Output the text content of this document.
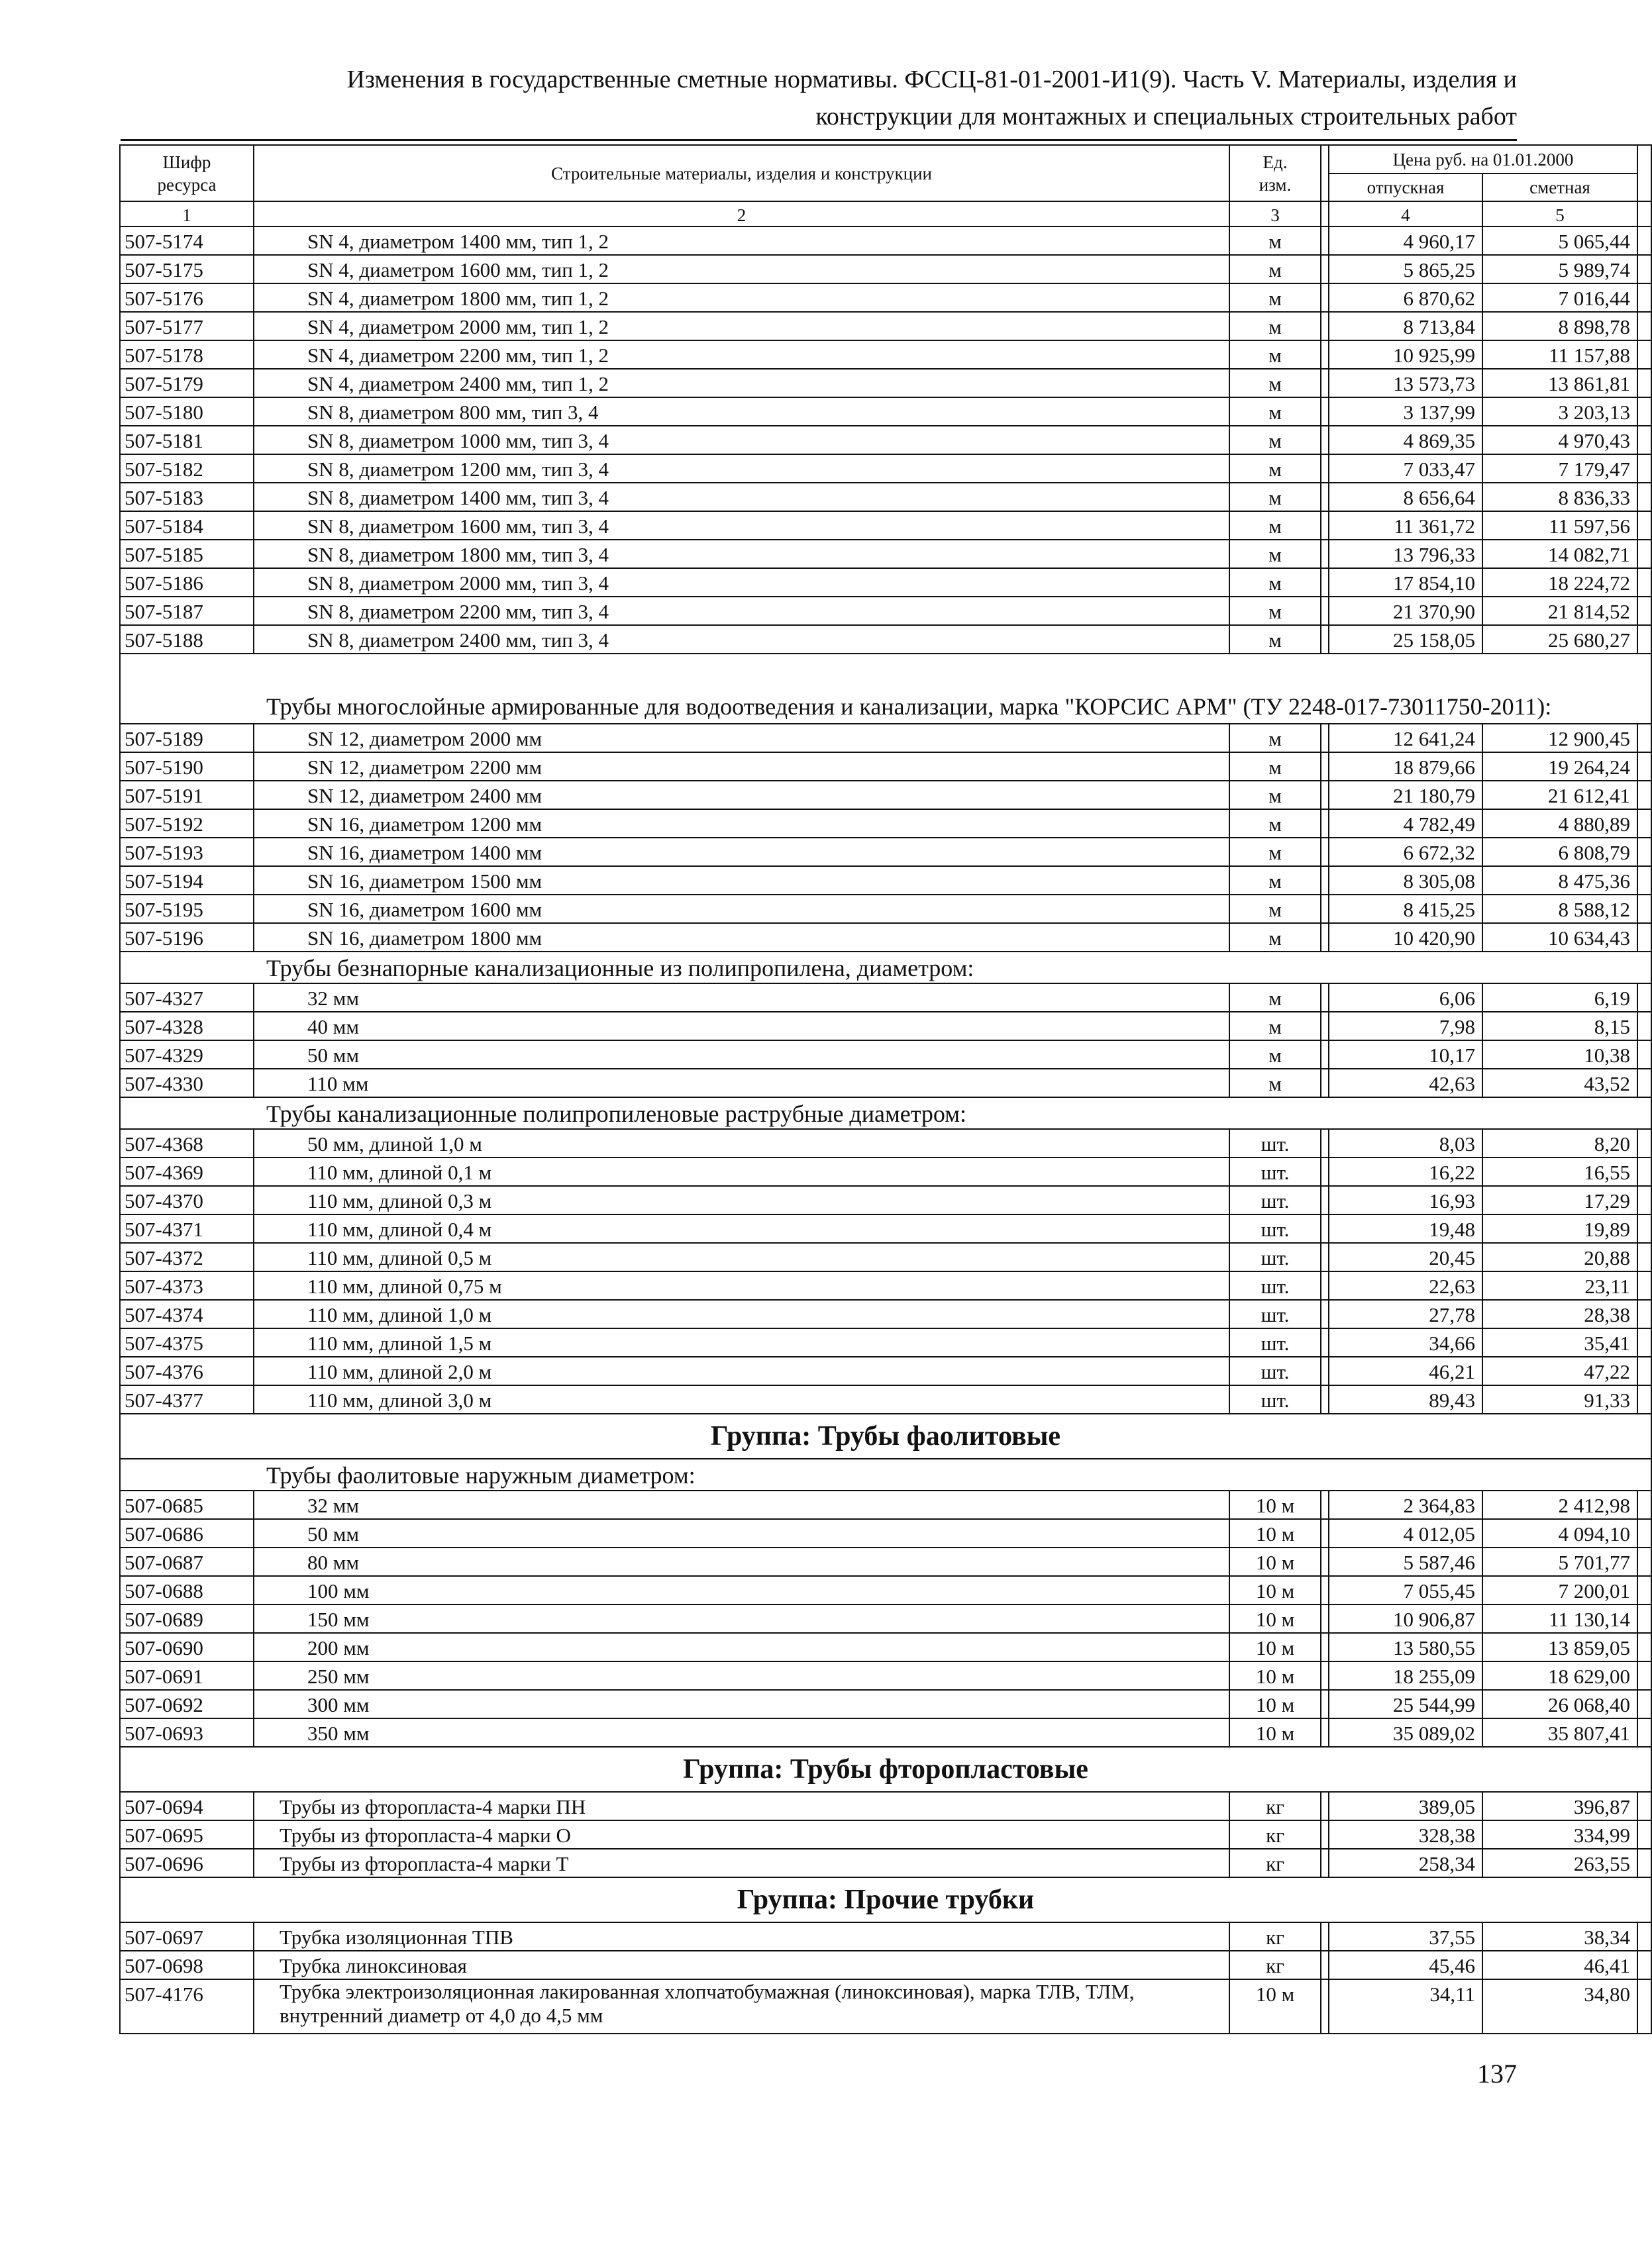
Изменения в государственные сметные нормативы. ФССЦ-81-01-2001-И1(9). Часть V. Материалы, изделия и
конструкции для монтажных и специальных строительных работ
Шифр
ресурса	Строительные материалы, изделия и конструкции	Ед.
изм.		Цена руб. на 01.01.2000		
				отпускная	сметная	
1	2	3		4	5	
507-5174	SN 4, диаметром 1400 мм, тип 1, 2	м		4 960,17	5 065,44	
507-5175	SN 4, диаметром 1600 мм, тип 1, 2	м		5 865,25	5 989,74	
507-5176	SN 4, диаметром 1800 мм, тип 1, 2	м		6 870,62	7 016,44	
507-5177	SN 4, диаметром 2000 мм, тип 1, 2	м		8 713,84	8 898,78	
507-5178	SN 4, диаметром 2200 мм, тип 1, 2	м		10 925,99	11 157,88	
507-5179	SN 4, диаметром 2400 мм, тип 1, 2	м		13 573,73	13 861,81	
507-5180	SN 8, диаметром 800 мм, тип 3, 4	м		3 137,99	3 203,13	
507-5181	SN 8, диаметром 1000 мм, тип 3, 4	м		4 869,35	4 970,43	
507-5182	SN 8, диаметром 1200 мм, тип 3, 4	м		7 033,47	7 179,47	
507-5183	SN 8, диаметром 1400 мм, тип 3, 4	м		8 656,64	8 836,33	
507-5184	SN 8, диаметром 1600 мм, тип 3, 4	м		11 361,72	11 597,56	
507-5185	SN 8, диаметром 1800 мм, тип 3, 4	м		13 796,33	14 082,71	
507-5186	SN 8, диаметром 2000 мм, тип 3, 4	м		17 854,10	18 224,72	
507-5187	SN 8, диаметром 2200 мм, тип 3, 4	м		21 370,90	21 814,52	
507-5188	SN 8, диаметром 2400 мм, тип 3, 4	м		25 158,05	25 680,27	
Трубы многослойные армированные для водоотведения и канализации, марка "КОРСИС АРМ" (ТУ 2248-017-73011750-2011):						
507-5189	SN 12, диаметром 2000 мм	м		12 641,24	12 900,45	
507-5190	SN 12, диаметром 2200 мм	м		18 879,66	19 264,24	
507-5191	SN 12, диаметром 2400 мм	м		21 180,79	21 612,41	
507-5192	SN 16, диаметром 1200 мм	м		4 782,49	4 880,89	
507-5193	SN 16, диаметром 1400 мм	м		6 672,32	6 808,79	
507-5194	SN 16, диаметром 1500 мм	м		8 305,08	8 475,36	
507-5195	SN 16, диаметром 1600 мм	м		8 415,25	8 588,12	
507-5196	SN 16, диаметром 1800 мм	м		10 420,90	10 634,43	
Трубы безнапорные канализационные из полипропилена, диаметром:						
507-4327	32 мм	м		6,06	6,19	
507-4328	40 мм	м		7,98	8,15	
507-4329	50 мм	м		10,17	10,38	
507-4330	110 мм	м		42,63	43,52	
Трубы канализационные полипропиленовые раструбные диаметром:						
507-4368	50 мм, длиной 1,0 м	шт.		8,03	8,20	
507-4369	110 мм, длиной 0,1 м	шт.		16,22	16,55	
507-4370	110 мм, длиной 0,3 м	шт.		16,93	17,29	
507-4371	110 мм, длиной 0,4 м	шт.		19,48	19,89	
507-4372	110 мм, длиной 0,5 м	шт.		20,45	20,88	
507-4373	110 мм, длиной 0,75 м	шт.		22,63	23,11	
507-4374	110 мм, длиной 1,0 м	шт.		27,78	28,38	
507-4375	110 мм, длиной 1,5 м	шт.		34,66	35,41	
507-4376	110 мм, длиной 2,0 м	шт.		46,21	47,22	
507-4377	110 мм, длиной 3,0 м	шт.		89,43	91,33	
Группа: Трубы фаолитовые						
Трубы фаолитовые наружным диаметром:						
507-0685	32 мм	10 м		2 364,83	2 412,98	
507-0686	50 мм	10 м		4 012,05	4 094,10	
507-0687	80 мм	10 м		5 587,46	5 701,77	
507-0688	100 мм	10 м		7 055,45	7 200,01	
507-0689	150 мм	10 м		10 906,87	11 130,14	
507-0690	200 мм	10 м		13 580,55	13 859,05	
507-0691	250 мм	10 м		18 255,09	18 629,00	
507-0692	300 мм	10 м		25 544,99	26 068,40	
507-0693	350 мм	10 м		35 089,02	35 807,41	
Группа: Трубы фторопластовые						
507-0694	Трубы из фторопласта-4 марки ПН	кг		389,05	396,87	
507-0695	Трубы из фторопласта-4 марки О	кг		328,38	334,99	
507-0696	Трубы из фторопласта-4 марки Т	кг		258,34	263,55	
Группа: Прочие трубки						
507-0697	Трубка изоляционная ТПВ	кг		37,55	38,34	
507-0698	Трубка линоксиновая	кг		45,46	46,41	
507-4176	Трубка электроизоляционная лакированная хлопчатобумажная (линоксиновая), марка ТЛВ, ТЛМ, внутренний диаметр от 4,0 до 4,5 мм	10 м		34,11	34,80	
137
